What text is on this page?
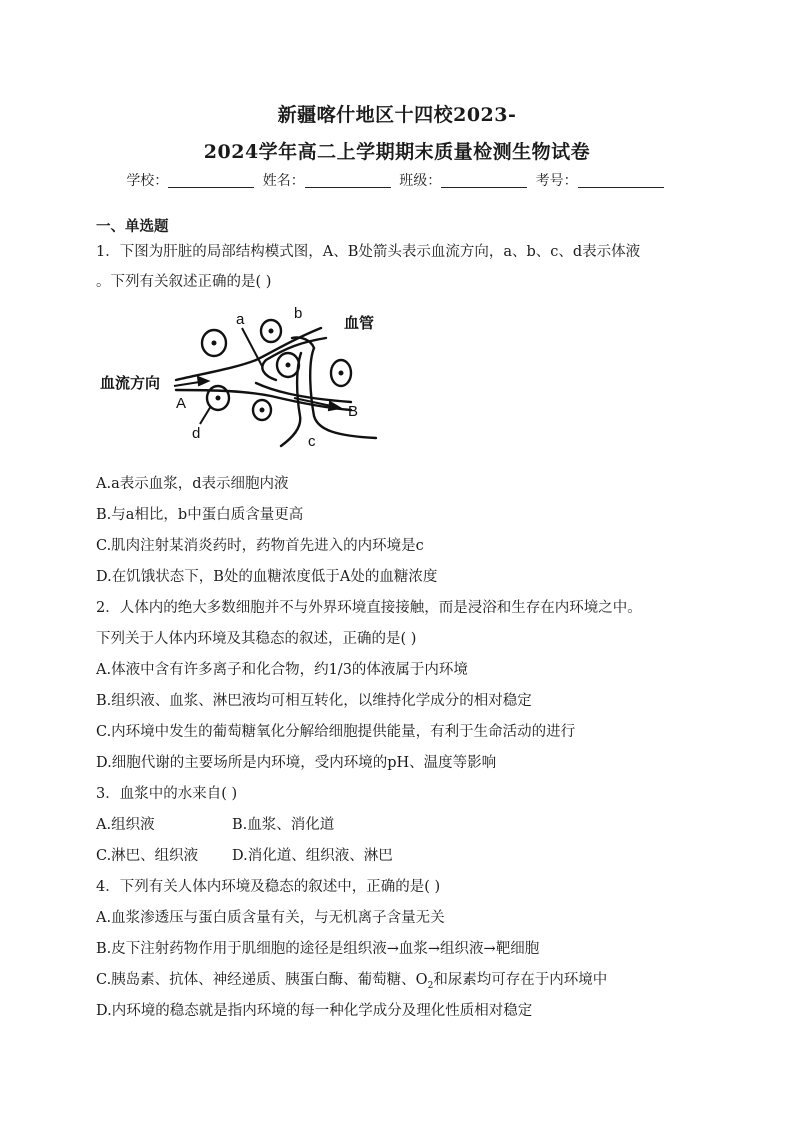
新疆喀什地区十四校2023-
2024学年高二上学期期末质量检测生物试卷
学校：	姓名：	班级：	考号：
一、单选题
1．下图为肝脏的局部结构模式图，A、B处箭头表示血流方向，a、b、c、d表示体液
。下列有关叙述正确的是( )
a	b
c
d
A	B
血管
血流方向
A.a表示血浆，d表示细胞内液
B.与a相比，b中蛋白质含量更高
C.肌肉注射某消炎药时，药物首先进入的内环境是c
D.在饥饿状态下，B处的血糖浓度低于A处的血糖浓度
2．人体内的绝大多数细胞并不与外界环境直接接触，而是浸浴和生存在内环境之中。
下列关于人体内环境及其稳态的叙述，正确的是( )
A.体液中含有许多离子和化合物，约1/3的体液属于内环境
B.组织液、血浆、淋巴液均可相互转化，以维持化学成分的相对稳定
C.内环境中发生的葡萄糖氧化分解给细胞提供能量，有利于生命活动的进行
D.细胞代谢的主要场所是内环境，受内环境的pH、温度等影响
3．血浆中的水来自( )
A.组织液	B.血浆、消化道
C.淋巴、组织液 D.消化道、组织液、淋巴
4．下列有关人体内环境及稳态的叙述中，正确的是( )
A.血浆渗透压与蛋白质含量有关，与无机离子含量无关
B.皮下注射药物作用于肌细胞的途径是组织液→血浆→组织液→靶细胞
C.胰岛素、抗体、神经递质、胰蛋白酶、葡萄糖、$O_2$和尿素均可存在于内环境中
D.内环境的稳态就是指内环境的每一种化学成分及理化性质相对稳定
